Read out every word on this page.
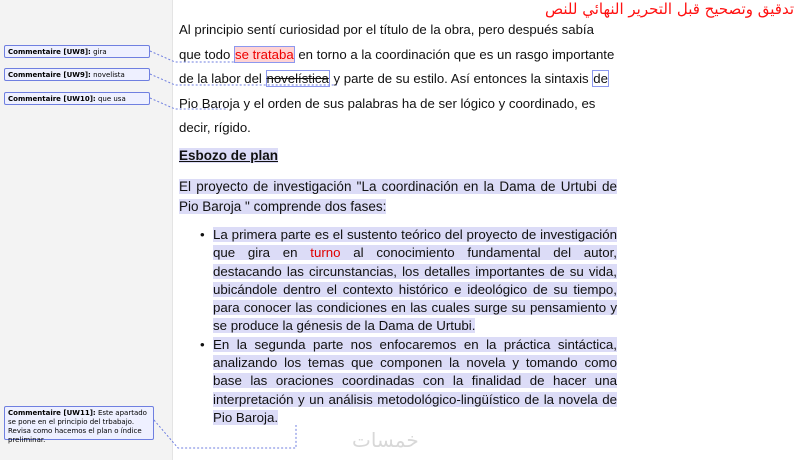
Commentaire [UW8]: gira
Commentaire [UW9]: novelista
Commentaire [UW10]: que usa
Commentaire [UW11]: Este apartado se pone en el principio del trbabajo. Revisa como hacemos el plan o índice preliminar.
تدقيق وتصحيح قبل التحرير النهائي للنص

Al principio sentí curiosidad por el título de la obra, pero después sabía que todo se trataba en torno a la coordinación que es un rasgo importante de la labor del novelística y parte de su estilo. Así entonces la sintaxis de Pio Baroja y el orden de sus palabras ha de ser lógico y coordinado, es decir, rígido.

Esbozo de plan
El proyecto de investigación "La coordinación en la Dama de Urtubi de Pio Baroja " comprende dos fases:
• La primera parte es el sustento teórico del proyecto de investigación que gira en turno al conocimiento fundamental del autor, destacando las circunstancias, los detalles importantes de su vida, ubicándole dentro el contexto histórico e ideológico de su tiempo, para conocer las condiciones en las cuales surge su pensamiento y se produce la génesis de la Dama de Urtubi.
• En la segunda parte nos enfocaremos en la práctica sintáctica, analizando los temas que componen la novela y tomando como base las oraciones coordinadas con la finalidad de hacer una interpretación y un análisis metodológico-lingüístico de la novela de Pio Baroja.
خمسات
